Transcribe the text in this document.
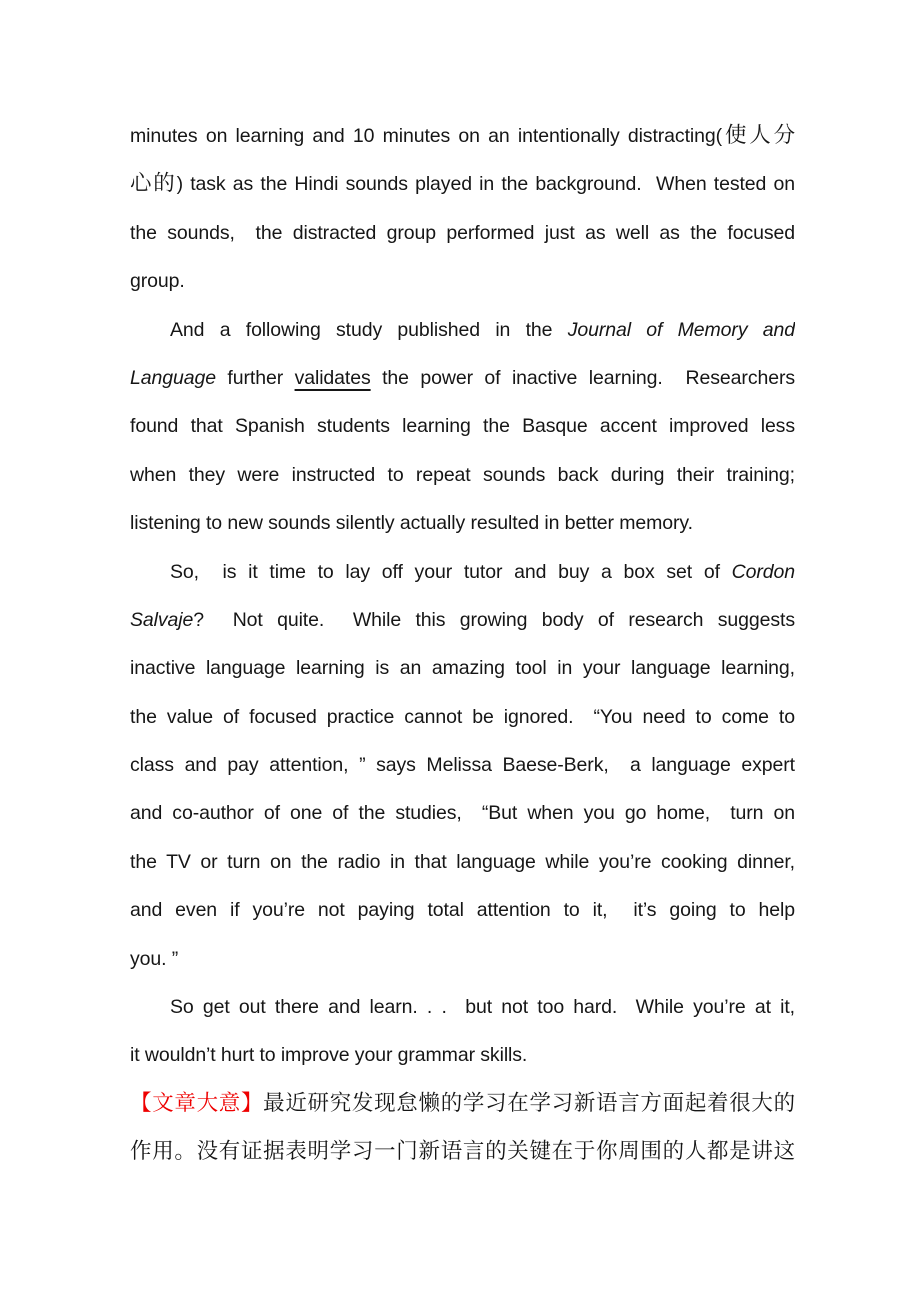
minutes on learning and 10 minutes on an intentionally distracting(使人分
心的) task as the Hindi sounds played in the background.  When tested on
the sounds,  the distracted group performed just as well as the focused
group.
And a following study published in the Journal of Memory and
Language further validates the power of inactive learning.  Researchers
found that Spanish students learning the Basque accent improved less
when they were instructed to repeat sounds back during their training;
listening to new sounds silently actually resulted in better memory.
So,  is it time to lay off your tutor and buy a box set of Cordon
Salvaje?  Not quite.  While this growing body of research suggests
inactive language learning is an amazing tool in your language learning,
the value of focused practice cannot be ignored.  “You need to come to
class and pay attention, ” says Melissa Baese-Berk,  a language expert
and co-author of one of the studies,  “But when you go home,  turn on
the TV or turn on the radio in that language while you’re cooking dinner,
and even if you’re not paying total attention to it,  it’s going to help
you. ”
So get out there and learn. . .  but not too hard.  While you’re at it,
it wouldn’t hurt to improve your grammar skills.
【文章大意】最近研究发现怠懒的学习在学习新语言方面起着很大的
作用。没有证据表明学习一门新语言的关键在于你周围的人都是讲这
